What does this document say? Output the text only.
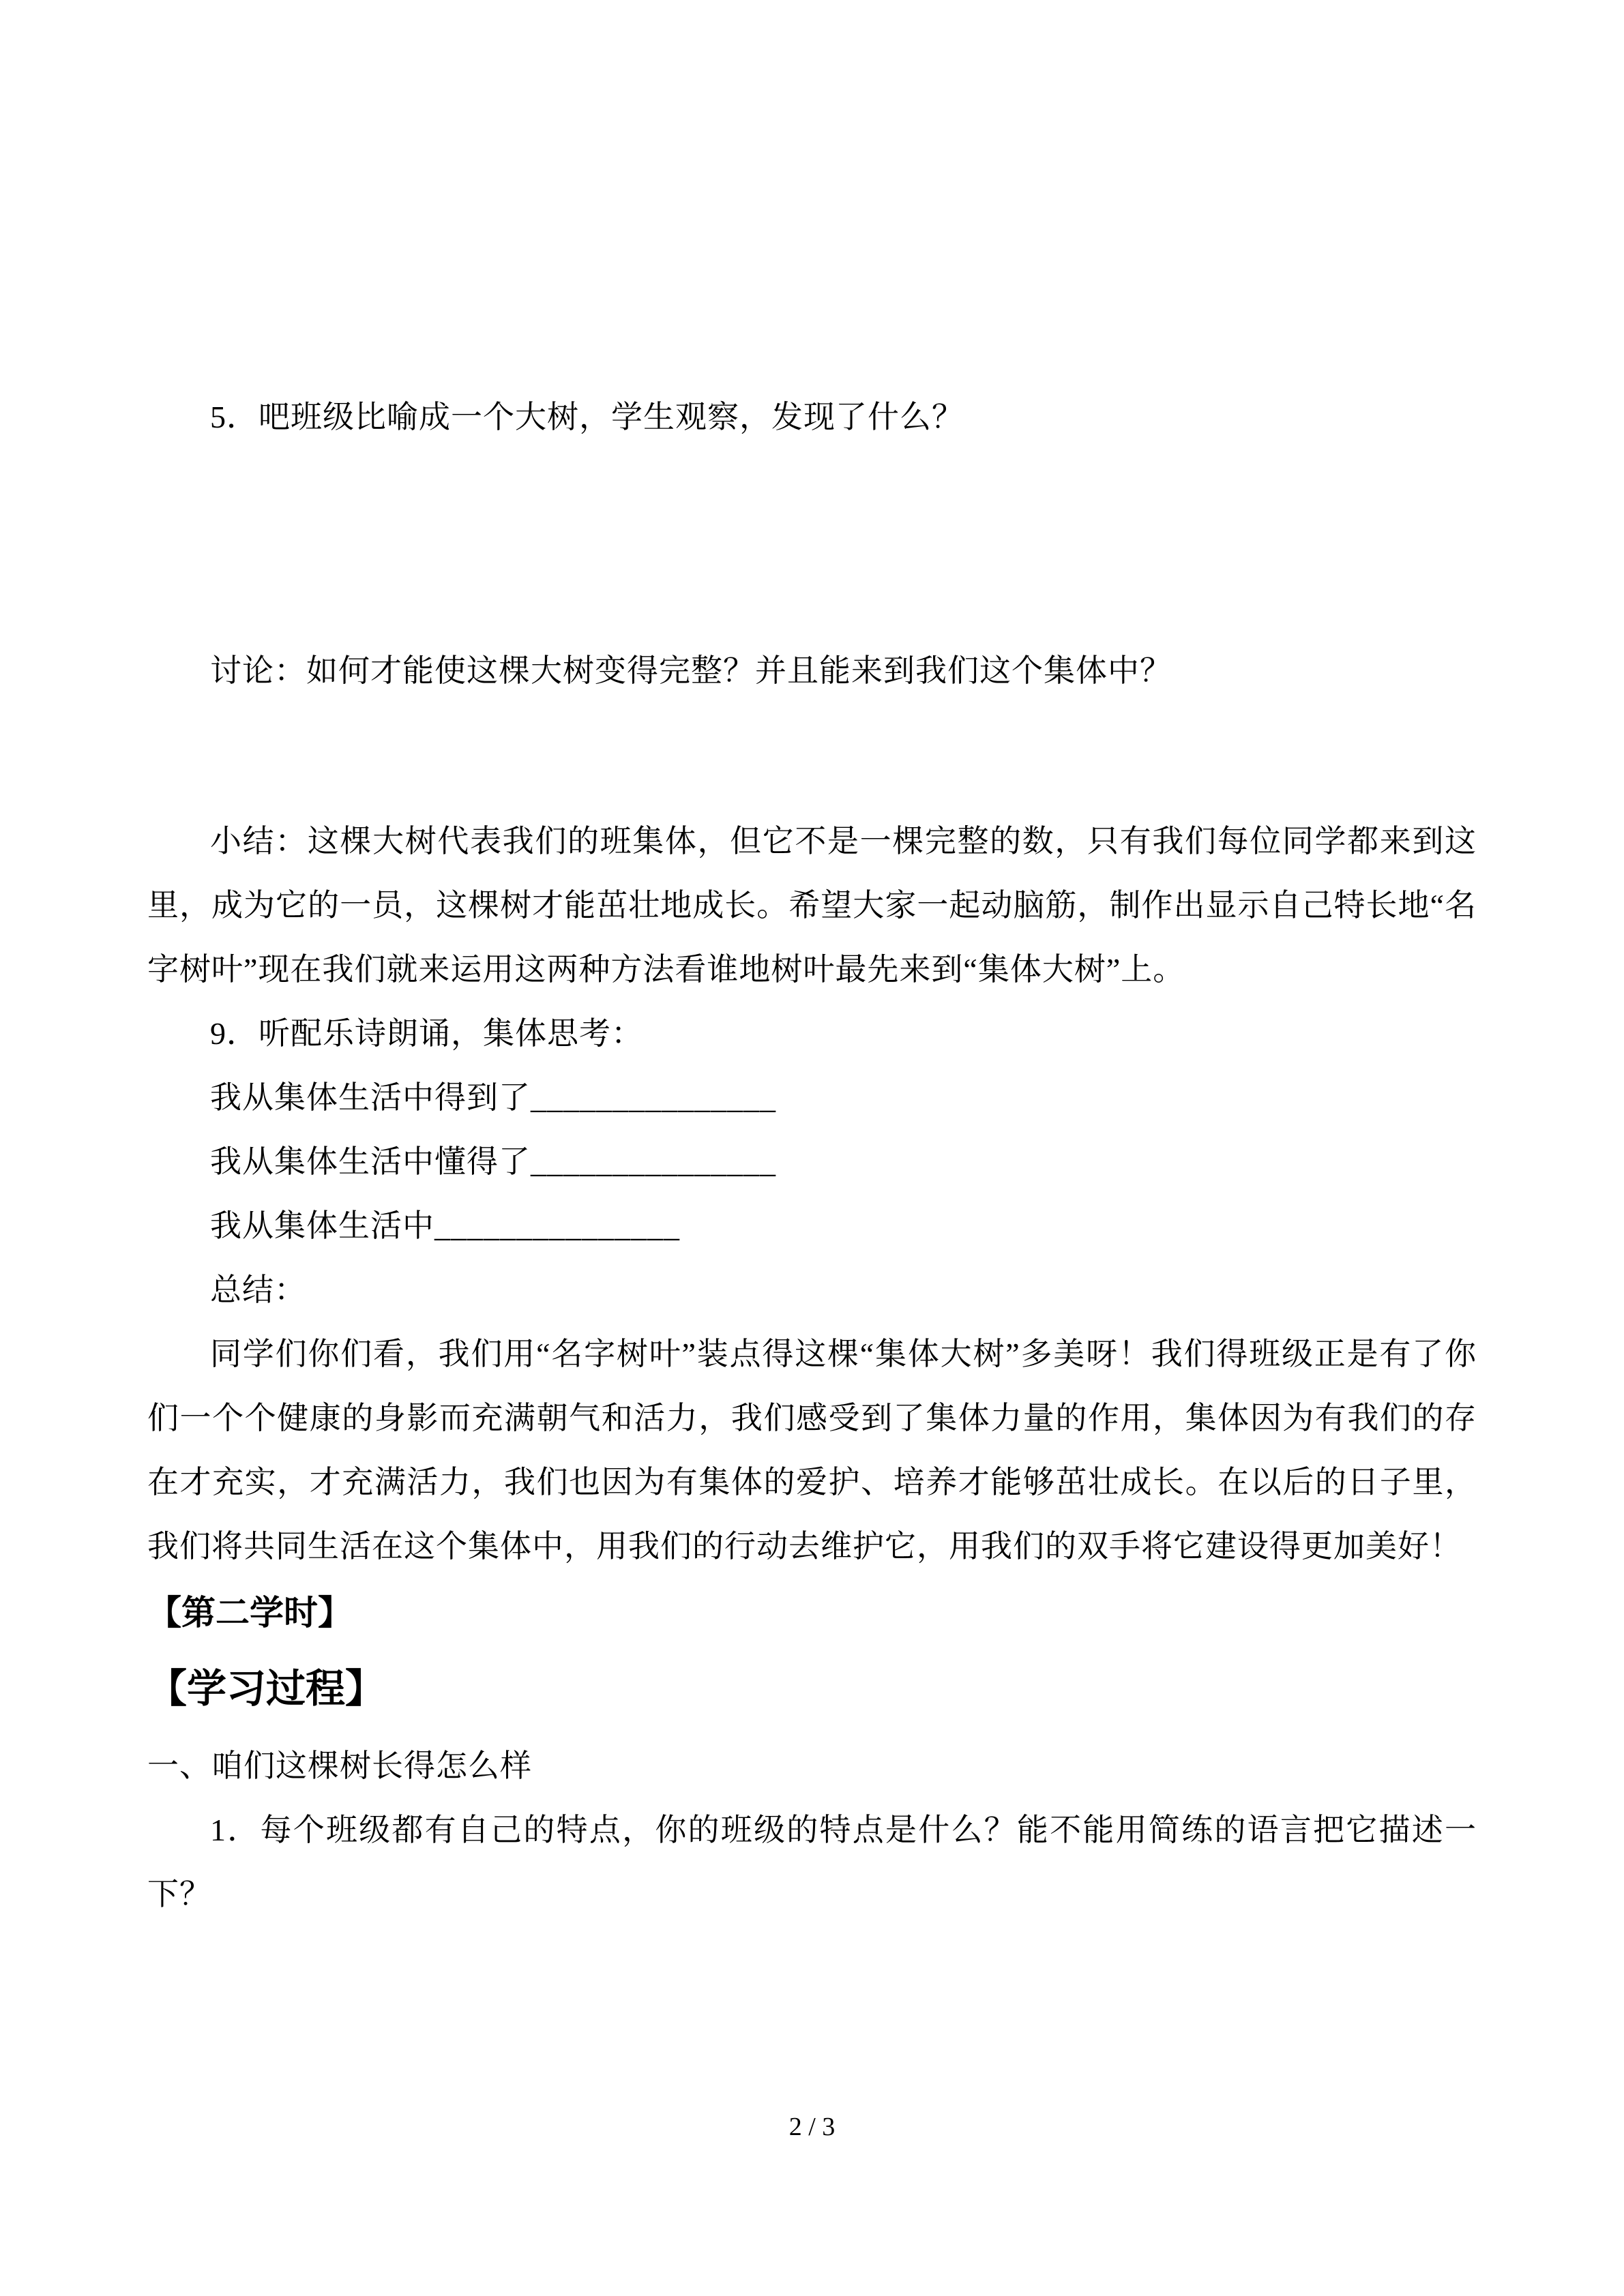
5．吧班级比喻成一个大树，学生观察，发现了什么？

讨论：如何才能使这棵大树变得完整？并且能来到我们这个集体中？

小结：这棵大树代表我们的班集体，但它不是一棵完整的数，只有我们每位同学都来到这里，成为它的一员，这棵树才能茁壮地成长。希望大家一起动脑筋，制作出显示自己特长地“名字树叶”现在我们就来运用这两种方法看谁地树叶最先来到“集体大树”上。

9．听配乐诗朗诵，集体思考：

我从集体生活中得到了_______________

我从集体生活中懂得了_______________

我从集体生活中_______________

总结：

同学们你们看，我们用“名字树叶”装点得这棵“集体大树”多美呀！我们得班级正是有了你们一个个健康的身影而充满朝气和活力，我们感受到了集体力量的作用，集体因为有我们的存在才充实，才充满活力，我们也因为有集体的爱护、培养才能够茁壮成长。在以后的日子里，我们将共同生活在这个集体中，用我们的行动去维护它，用我们的双手将它建设得更加美好！

【第二学时】
【学习过程】

一、咱们这棵树长得怎么样

1．每个班级都有自己的特点，你的班级的特点是什么？能不能用简练的语言把它描述一下？

2 / 3
